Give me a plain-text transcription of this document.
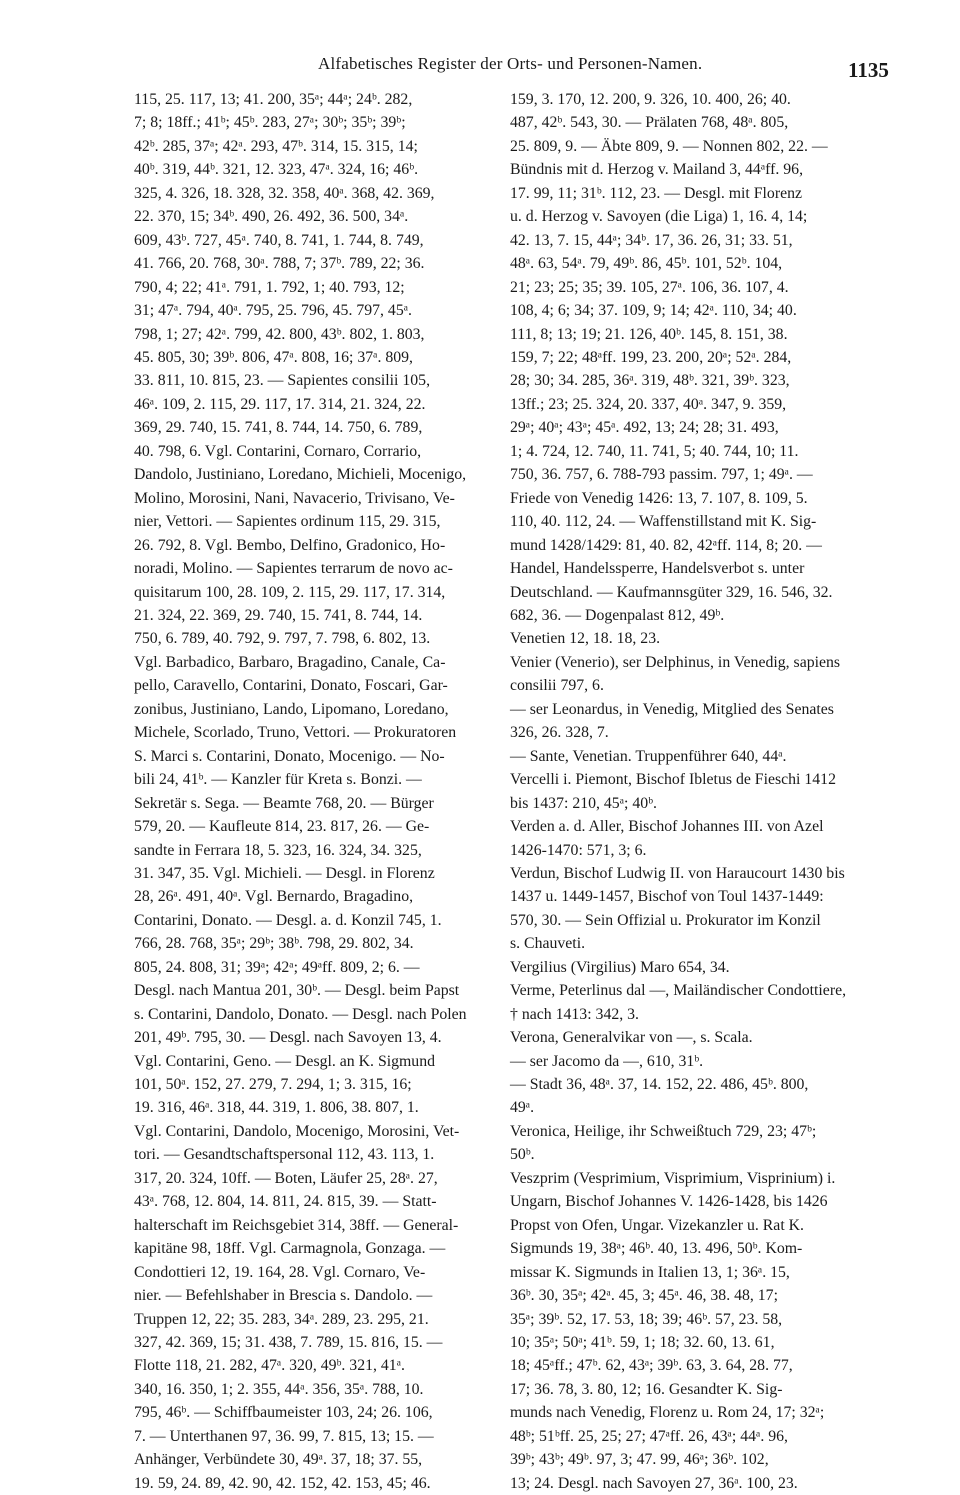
Alfabetisches Register der Orts- und Personen-Namen.	1135
115, 25. 117, 13; 41. 200, 35ᵃ; 44ᵃ; 24ᵇ. 282,
7; 8; 18ff.; 41ᵇ; 45ᵇ. 283, 27ᵃ; 30ᵇ; 35ᵇ; 39ᵇ;
42ᵇ. 285, 37ᵃ; 42ᵃ. 293, 47ᵇ. 314, 15. 315, 14;
40ᵇ. 319, 44ᵇ. 321, 12. 323, 47ᵃ. 324, 16; 46ᵇ.
325, 4. 326, 18. 328, 32. 358, 40ᵃ. 368, 42. 369,
22. 370, 15; 34ᵇ. 490, 26. 492, 36. 500, 34ᵃ.
609, 43ᵇ. 727, 45ᵃ. 740, 8. 741, 1. 744, 8. 749,
41. 766, 20. 768, 30ᵃ. 788, 7; 37ᵇ. 789, 22; 36.
790, 4; 22; 41ᵃ. 791, 1. 792, 1; 40. 793, 12;
31; 47ᵃ. 794, 40ᵃ. 795, 25. 796, 45. 797, 45ᵃ.
798, 1; 27; 42ᵃ. 799, 42. 800, 43ᵇ. 802, 1. 803,
45. 805, 30; 39ᵇ. 806, 47ᵃ. 808, 16; 37ᵃ. 809,
33. 811, 10. 815, 23. — Sapientes consilii 105,
46ᵃ. 109, 2. 115, 29. 117, 17. 314, 21. 324, 22.
369, 29. 740, 15. 741, 8. 744, 14. 750, 6. 789,
40. 798, 6. Vgl. Contarini, Cornaro, Corrario,
Dandolo, Justiniano, Loredano, Michieli, Mocenigo,
Molino, Morosini, Nani, Navacerio, Trivisano, Ve-
nier, Vettori. — Sapientes ordinum 115, 29. 315,
26. 792, 8. Vgl. Bembo, Delfino, Gradonico, Ho-
noradi, Molino. — Sapientes terrarum de novo ac-
quisitarum 100, 28. 109, 2. 115, 29. 117, 17. 314,
21. 324, 22. 369, 29. 740, 15. 741, 8. 744, 14.
750, 6. 789, 40. 792, 9. 797, 7. 798, 6. 802, 13.
Vgl. Barbadico, Barbaro, Bragadino, Canale, Ca-
pello, Caravello, Contarini, Donato, Foscari, Gar-
zonibus, Justiniano, Lando, Lipomano, Loredano,
Michele, Scorlado, Truno, Vettori. — Prokuratoren
S. Marci s. Contarini, Donato, Mocenigo. — No-
bili 24, 41ᵇ. — Kanzler für Kreta s. Bonzi. —
Sekretär s. Sega. — Beamte 768, 20. — Bürger
579, 20. — Kaufleute 814, 23. 817, 26. — Ge-
sandte in Ferrara 18, 5. 323, 16. 324, 34. 325,
31. 347, 35. Vgl. Michieli. — Desgl. in Florenz
28, 26ᵃ. 491, 40ᵃ. Vgl. Bernardo, Bragadino,
Contarini, Donato. — Desgl. a. d. Konzil 745, 1.
766, 28. 768, 35ᵃ; 29ᵇ; 38ᵇ. 798, 29. 802, 34.
805, 24. 808, 31; 39ᵃ; 42ᵃ; 49ᵃff. 809, 2; 6. —
Desgl. nach Mantua 201, 30ᵇ. — Desgl. beim Papst
s. Contarini, Dandolo, Donato. — Desgl. nach Polen
201, 49ᵇ. 795, 30. — Desgl. nach Savoyen 13, 4.
Vgl. Contarini, Geno. — Desgl. an K. Sigmund
101, 50ᵃ. 152, 27. 279, 7. 294, 1; 3. 315, 16;
19. 316, 46ᵃ. 318, 44. 319, 1. 806, 38. 807, 1.
Vgl. Contarini, Dandolo, Mocenigo, Morosini, Vet-
tori. — Gesandtschaftspersonal 112, 43. 113, 1.
317, 20. 324, 10ff. — Boten, Läufer 25, 28ᵃ. 27,
43ᵃ. 768, 12. 804, 14. 811, 24. 815, 39. — Statt-
halterschaft im Reichsgebiet 314, 38ff. — General-
kapitäne 98, 18ff. Vgl. Carmagnola, Gonzaga. —
Condottieri 12, 19. 164, 28. Vgl. Cornaro, Ve-
nier. — Befehlshaber in Brescia s. Dandolo. —
Truppen 12, 22; 35. 283, 34ᵃ. 289, 23. 295, 21.
327, 42. 369, 15; 31. 438, 7. 789, 15. 816, 15. —
Flotte 118, 21. 282, 47ᵃ. 320, 49ᵇ. 321, 41ᵃ.
340, 16. 350, 1; 2. 355, 44ᵃ. 356, 35ᵃ. 788, 10.
795, 46ᵇ. — Schiffbaumeister 103, 24; 26. 106,
7. — Unterthanen 97, 36. 99, 7. 815, 13; 15. —
Anhänger, Verbündete 30, 49ᵃ. 37, 18; 37. 55,
19. 59, 24. 89, 42. 90, 42. 152, 42. 153, 45; 46.
159, 3. 170, 12. 200, 9. 326, 10. 400, 26; 40.
487, 42ᵇ. 543, 30. — Prälaten 768, 48ᵃ. 805,
25. 809, 9. — Äbte 809, 9. — Nonnen 802, 22. —
Bündnis mit d. Herzog v. Mailand 3, 44ᵃff. 96,
17. 99, 11; 31ᵇ. 112, 23. — Desgl. mit Florenz
u. d. Herzog v. Savoyen (die Liga) 1, 16. 4, 14;
42. 13, 7. 15, 44ᵃ; 34ᵇ. 17, 36. 26, 31; 33. 51,
48ᵃ. 63, 54ᵃ. 79, 49ᵇ. 86, 45ᵇ. 101, 52ᵇ. 104,
21; 23; 25; 35; 39. 105, 27ᵃ. 106, 36. 107, 4.
108, 4; 6; 34; 37. 109, 9; 14; 42ᵃ. 110, 34; 40.
111, 8; 13; 19; 21. 126, 40ᵇ. 145, 8. 151, 38.
159, 7; 22; 48ᵃff. 199, 23. 200, 20ᵃ; 52ᵃ. 284,
28; 30; 34. 285, 36ᵃ. 319, 48ᵇ. 321, 39ᵇ. 323,
13ff.; 23; 25. 324, 20. 337, 40ᵃ. 347, 9. 359,
29ᵃ; 40ᵃ; 43ᵃ; 45ᵃ. 492, 13; 24; 28; 31. 493,
1; 4. 724, 12. 740, 11. 741, 5; 40. 744, 10; 11.
750, 36. 757, 6. 788-793 passim. 797, 1; 49ᵃ. —
Friede von Venedig 1426: 13, 7. 107, 8. 109, 5.
110, 40. 112, 24. — Waffenstillstand mit K. Sig-
mund 1428/1429: 81, 40. 82, 42ᵃff. 114, 8; 20. —
Handel, Handelssperre, Handelsverbot s. unter
Deutschland. — Kaufmannsgüter 329, 16. 546, 32.
682, 36. — Dogenpalast 812, 49ᵇ.
Venetien 12, 18. 18, 23.
Venier (Venerio), ser Delphinus, in Venedig, sapiens
consilii 797, 6.
— ser Leonardus, in Venedig, Mitglied des Senates
326, 26. 328, 7.
— Sante, Venetian. Truppenführer 640, 44ᵃ.
Vercelli i. Piemont, Bischof Ibletus de Fieschi 1412
bis 1437: 210, 45ᵃ; 40ᵇ.
Verden a. d. Aller, Bischof Johannes III. von Azel
1426-1470: 571, 3; 6.
Verdun, Bischof Ludwig II. von Haraucourt 1430 bis
1437 u. 1449-1457, Bischof von Toul 1437-1449:
570, 30. — Sein Offizial u. Prokurator im Konzil
s. Chauveti.
Vergilius (Virgilius) Maro 654, 34.
Verme, Peterlinus dal —, Mailändischer Condottiere,
† nach 1413: 342, 3.
Verona, Generalvikar von —, s. Scala.
— ser Jacomo da —, 610, 31ᵇ.
— Stadt 36, 48ᵃ. 37, 14. 152, 22. 486, 45ᵇ. 800,
49ᵃ.
Veronica, Heilige, ihr Schweißtuch 729, 23; 47ᵇ;
50ᵇ.
Veszprim (Vesprimium, Visprimium, Visprinium) i.
Ungarn, Bischof Johannes V. 1426-1428, bis 1426
Propst von Ofen, Ungar. Vizekanzler u. Rat K.
Sigmunds 19, 38ᵃ; 46ᵇ. 40, 13. 496, 50ᵇ. Kom-
missar K. Sigmunds in Italien 13, 1; 36ᵃ. 15,
36ᵇ. 30, 35ᵃ; 42ᵃ. 45, 3; 45ᵃ. 46, 38. 48, 17;
35ᵃ; 39ᵇ. 52, 17. 53, 18; 39; 46ᵇ. 57, 23. 58,
10; 35ᵃ; 50ᵃ; 41ᵇ. 59, 1; 18; 32. 60, 13. 61,
18; 45ᵃff.; 47ᵇ. 62, 43ᵃ; 39ᵇ. 63, 3. 64, 28. 77,
17; 36. 78, 3. 80, 12; 16. Gesandter K. Sig-
munds nach Venedig, Florenz u. Rom 24, 17; 32ᵃ;
48ᵇ; 51ᵇff. 25, 25; 27; 47ᵃff. 26, 43ᵃ; 44ᵃ. 96,
39ᵇ; 43ᵇ; 49ᵇ. 97, 3; 47. 99, 46ᵃ; 36ᵇ. 102,
13; 24. Desgl. nach Savoyen 27, 36ᵃ. 100, 23.
